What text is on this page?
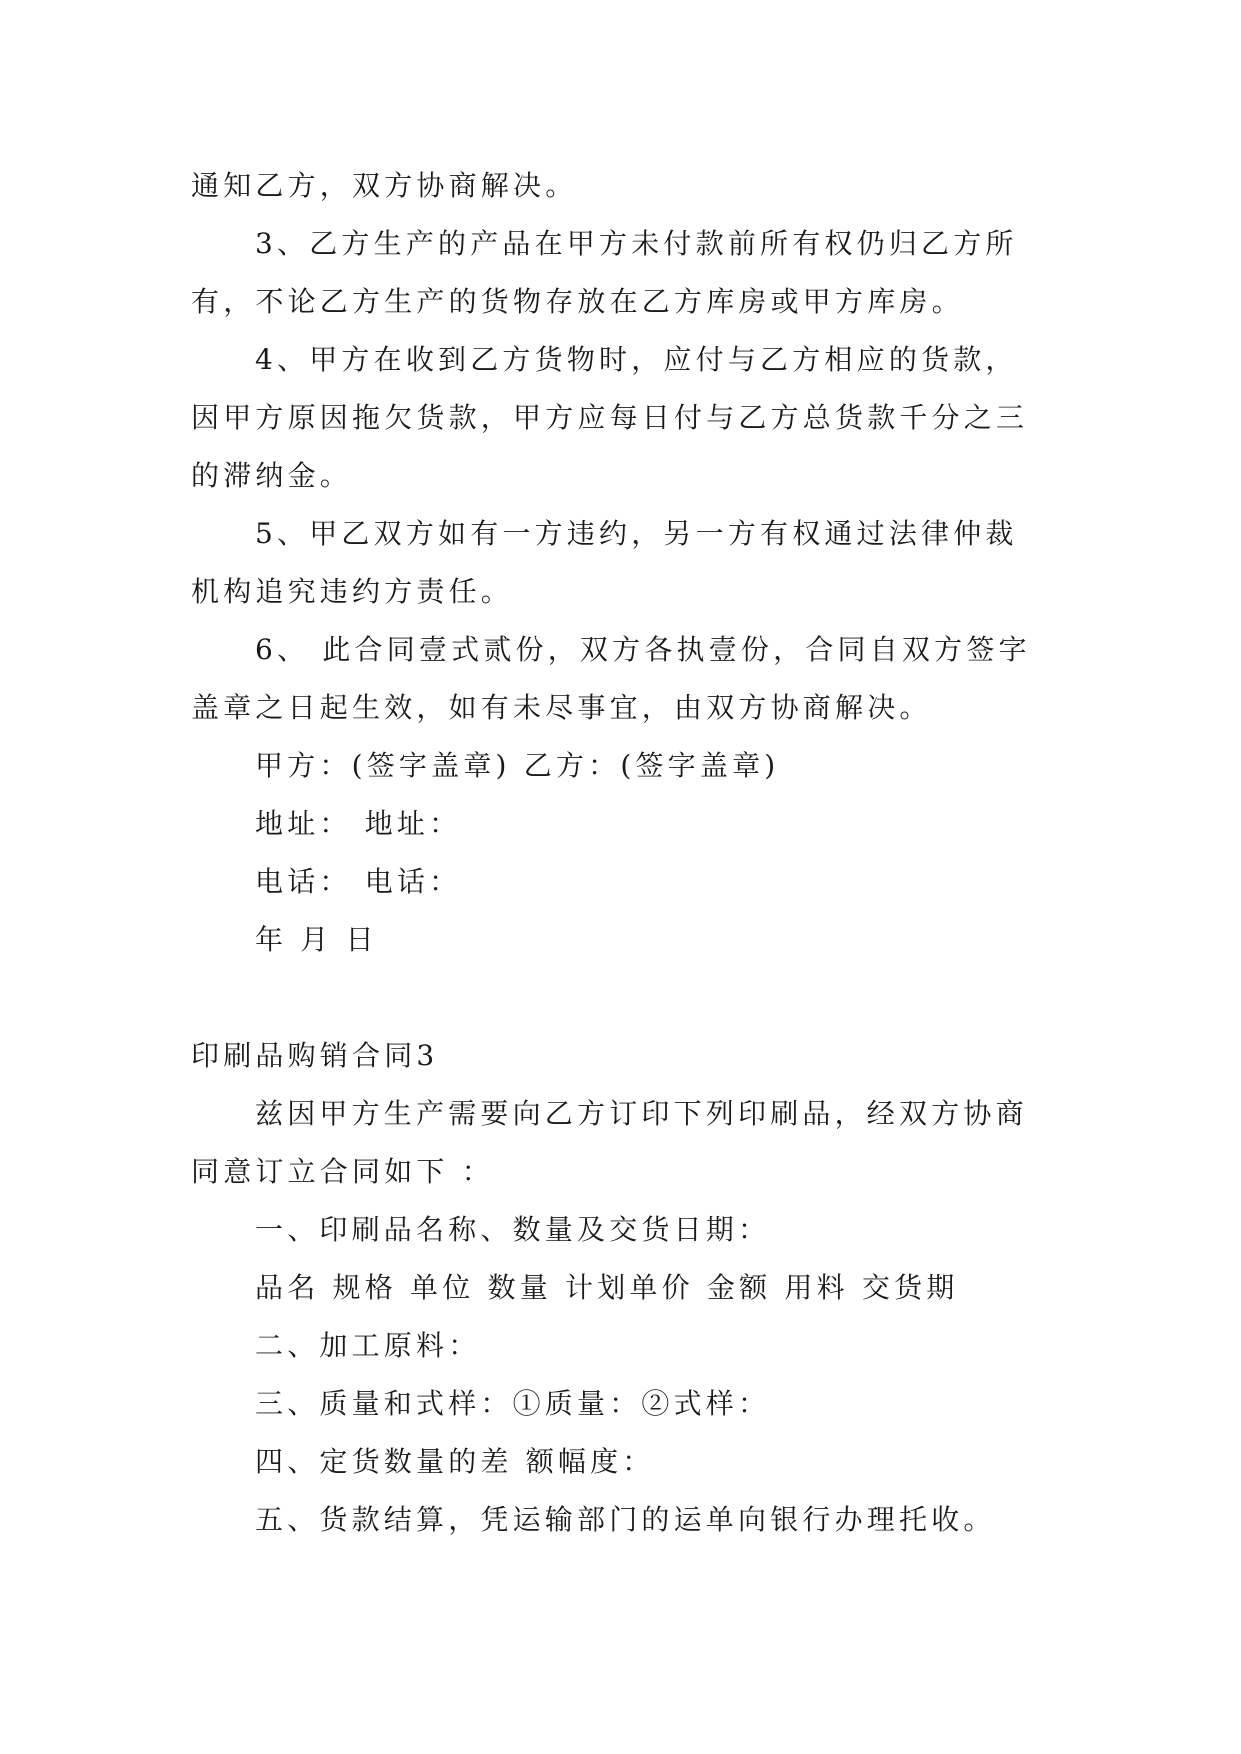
通知乙方，双方协商解决。
3、乙方生产的产品在甲方未付款前所有权仍归乙方所
有，不论乙方生产的货物存放在乙方库房或甲方库房。
4、甲方在收到乙方货物时，应付与乙方相应的货款，
因甲方原因拖欠货款，甲方应每日付与乙方总货款千分之三
的滞纳金。
5、甲乙双方如有一方违约，另一方有权通过法律仲裁
机构追究违约方责任。
6、 此合同壹式贰份，双方各执壹份，合同自双方签字
盖章之日起生效，如有未尽事宜，由双方协商解决。
甲方：(签字盖章) 乙方：(签字盖章)
地址： 地址：
电话： 电话：
年 月 日
印刷品购销合同3
兹因甲方生产需要向乙方订印下列印刷品，经双方协商
同意订立合同如下 ：
一、印刷品名称、数量及交货日期：
品名 规格 单位 数量 计划单价 金额 用料 交货期
二、加工原料：
三、质量和式样：①质量：②式样：
四、定货数量的差 额幅度：
五、货款结算，凭运输部门的运单向银行办理托收。
